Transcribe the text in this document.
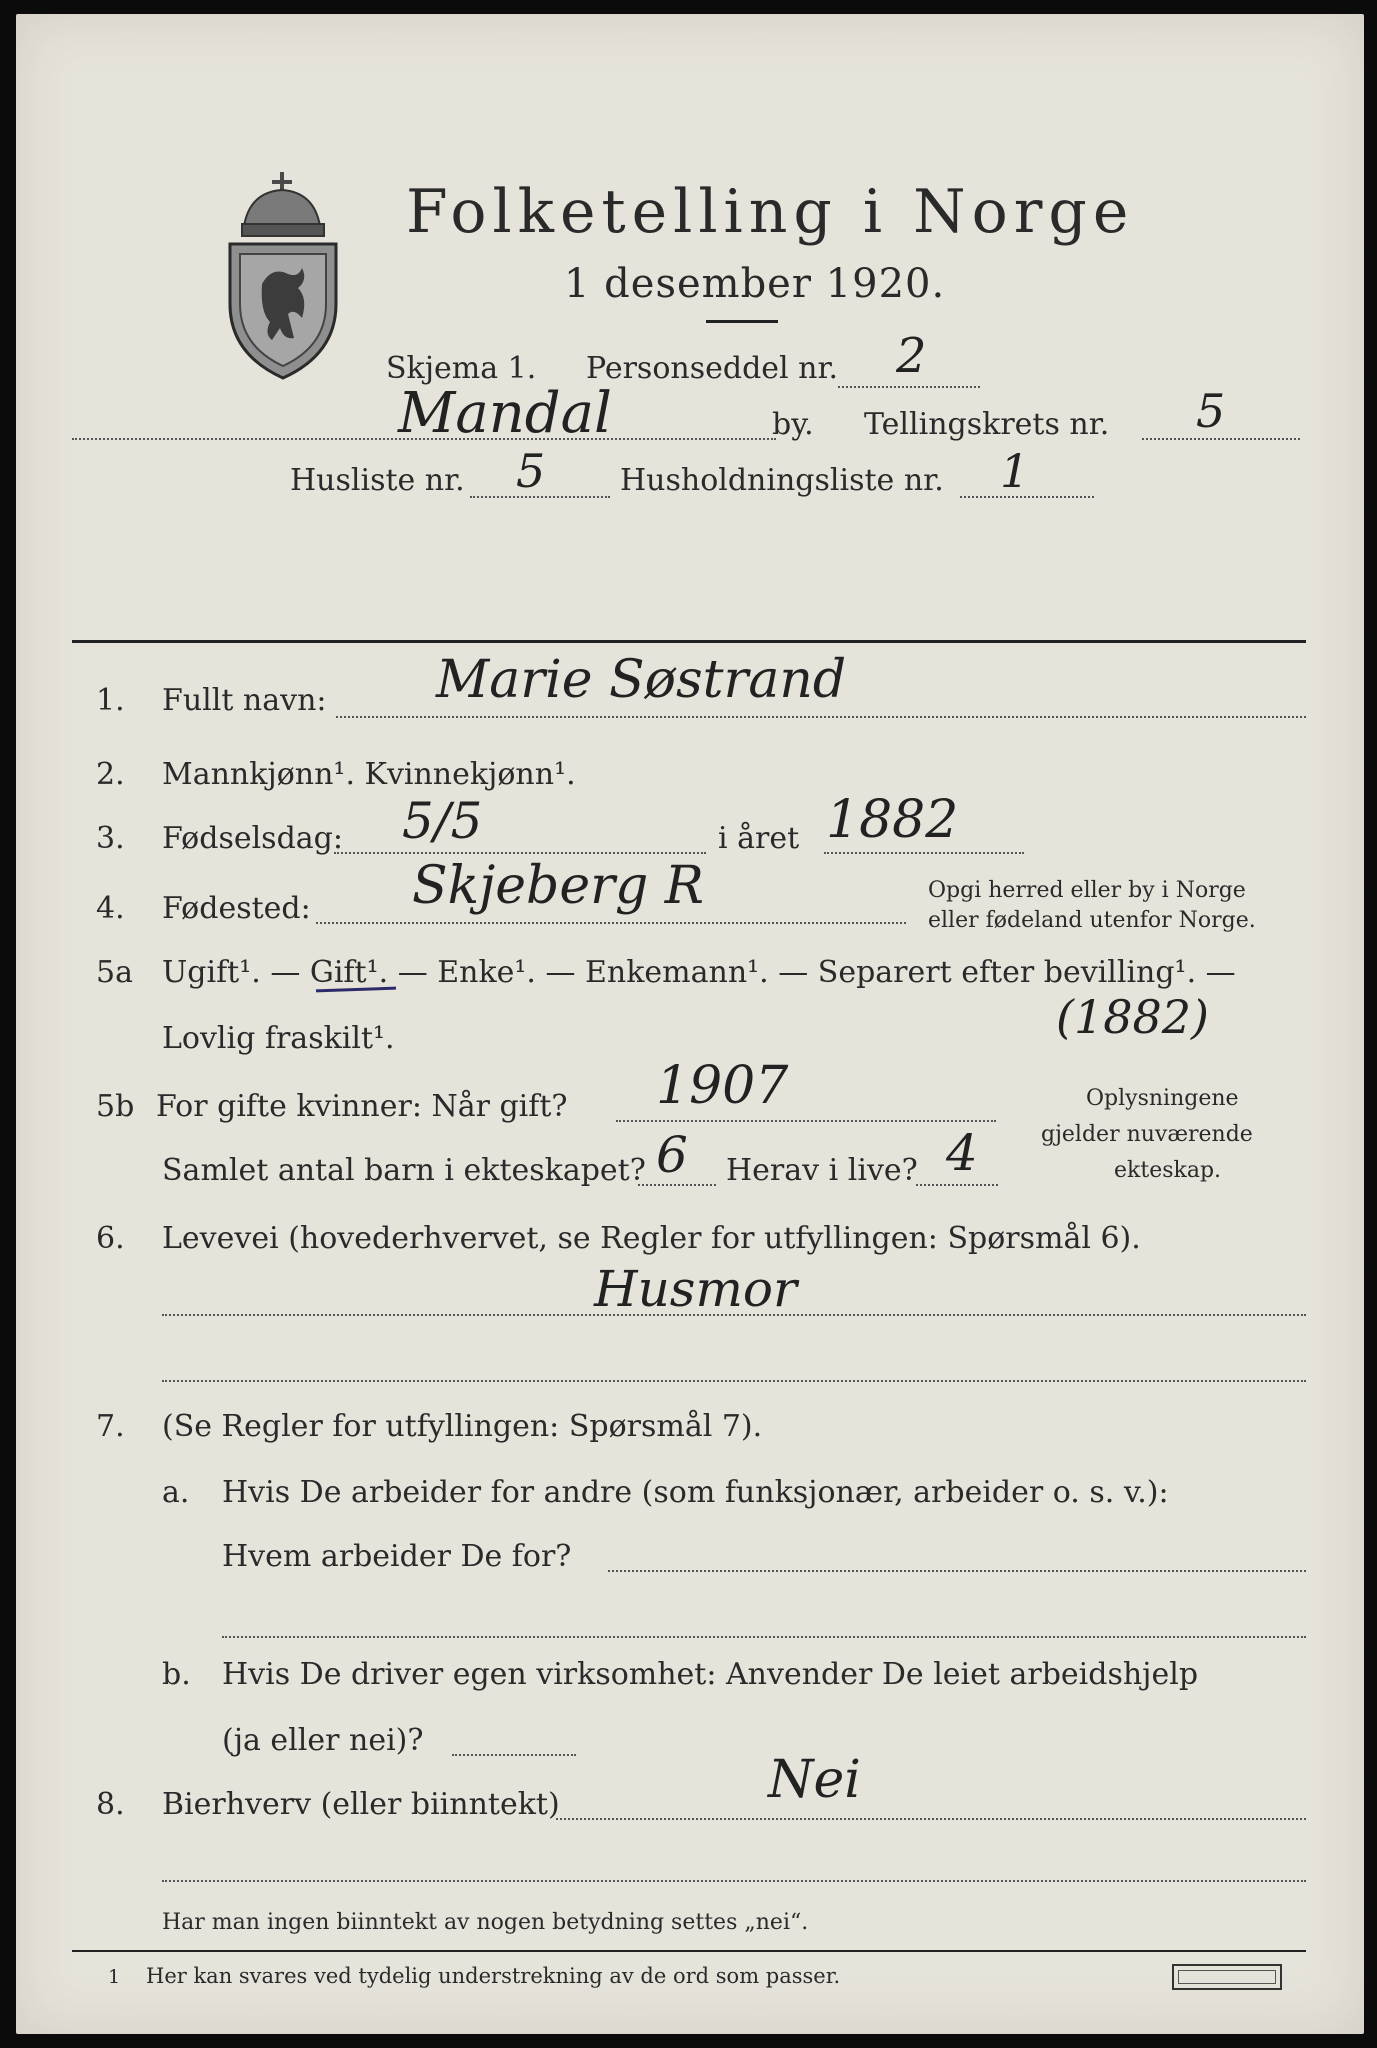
Folketelling i Norge
1 desember 1920.
Skjema 1. Personseddel nr. 2
Mandal	by. Tellingskrets nr. 5
Husliste nr. 5 Husholdningsliste nr. 1
1. Fullt navn: Marie Søstrand
2. Mannkjønn¹. Kvinnekjønn¹.
3. Fødselsdag: 5/5	i året 1882
4. Fødested: Skjeberg R	Opgi herred eller by i Norge
eller fødeland utenfor Norge.
5a Ugift¹. — Gift¹. — Enke¹. — Enkemann¹. — Separert efter bevilling¹. —
Lovlig fraskilt¹.	(1882)
5b For gifte kvinner: Når gift? 1907	Oplysningene
gjelder nuværende
ekteskap.
Samlet antal barn i ekteskapet? 6 Herav i live? 4
6. Levevei (hovederhvervet, se Regler for utfyllingen: Spørsmål 6).
Husmor
7. (Se Regler for utfyllingen: Spørsmål 7).
a. Hvis De arbeider for andre (som funksjonær, arbeider o. s. v.):
Hvem arbeider De for?
b. Hvis De driver egen virksomhet: Anvender De leiet arbeidshjelp
(ja eller nei)?
8. Bierhverv (eller biinntekt)	Nei
Har man ingen biinntekt av nogen betydning settes „nei“.
1 Her kan svares ved tydelig understrekning av de ord som passer.
